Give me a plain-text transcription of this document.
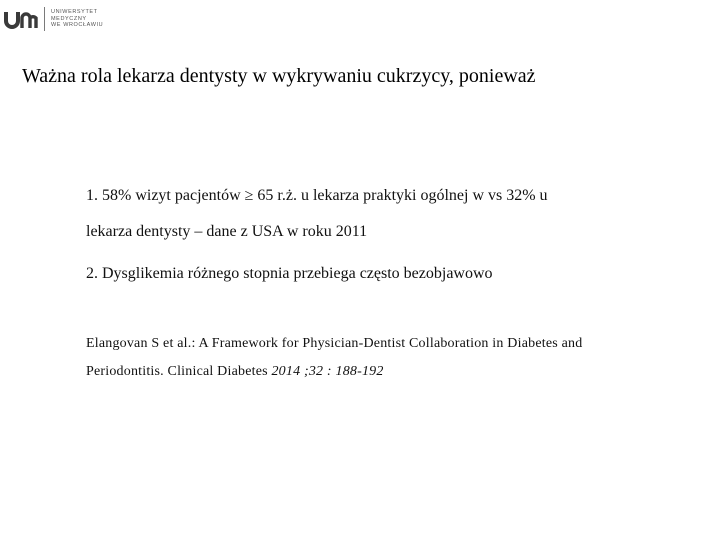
UNIWERSYTET
MEDYCZNY
WE WROCŁAWIU
Ważna rola lekarza dentysty w wykrywaniu cukrzycy, ponieważ

1. 58% wizyt pacjentów ≥ 65 r.ż. u lekarza praktyki ogólnej w vs 32% u
lekarza dentysty – dane z USA w roku 2011

2. Dysglikemia różnego stopnia przebiega często bezobjawowo

Elangovan S et al.: A Framework for Physician-Dentist Collaboration in Diabetes and
Periodontitis. Clinical Diabetes 2014 ;32 : 188-192
